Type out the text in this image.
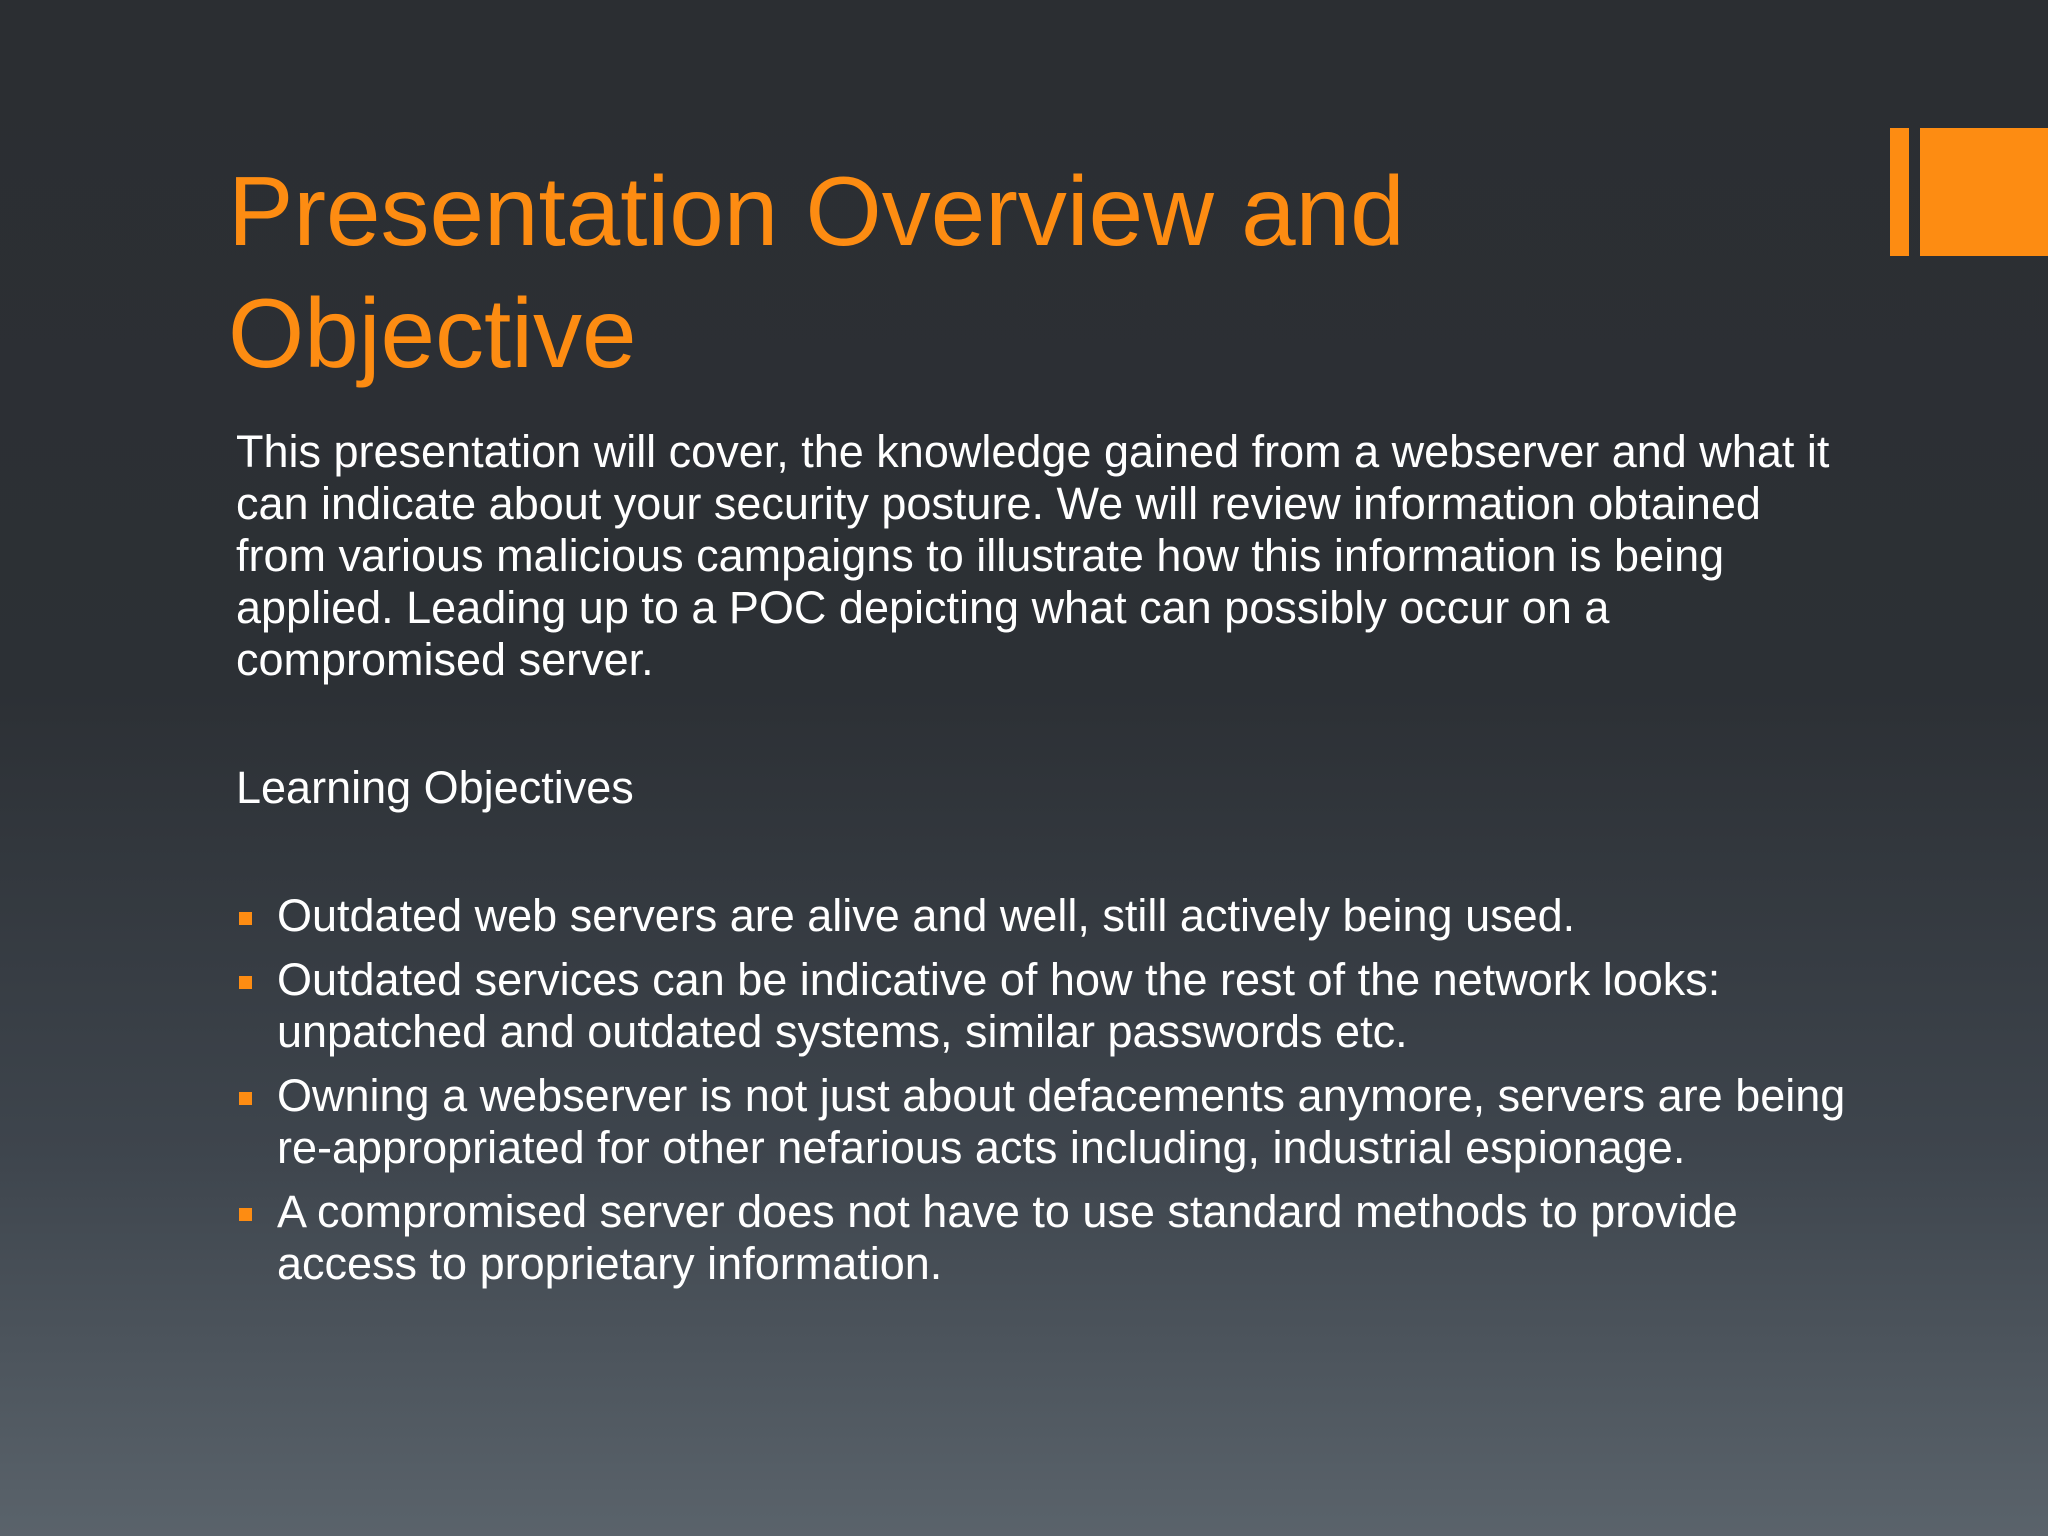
Presentation Overview and Objective

This presentation will cover, the knowledge gained from a webserver and what it can indicate about your security posture. We will review information obtained from various malicious campaigns to illustrate how this information is being applied. Leading up to a POC depicting what can possibly occur on a compromised server.

Learning Objectives

Outdated web servers are alive and well, still actively being used.
Outdated services can be indicative of how the rest of the network looks: unpatched and outdated systems, similar passwords etc.
Owning a webserver is not just about defacements anymore, servers are being re-appropriated for other nefarious acts including, industrial espionage.
A compromised server does not have to use standard methods to provide access to proprietary information.
